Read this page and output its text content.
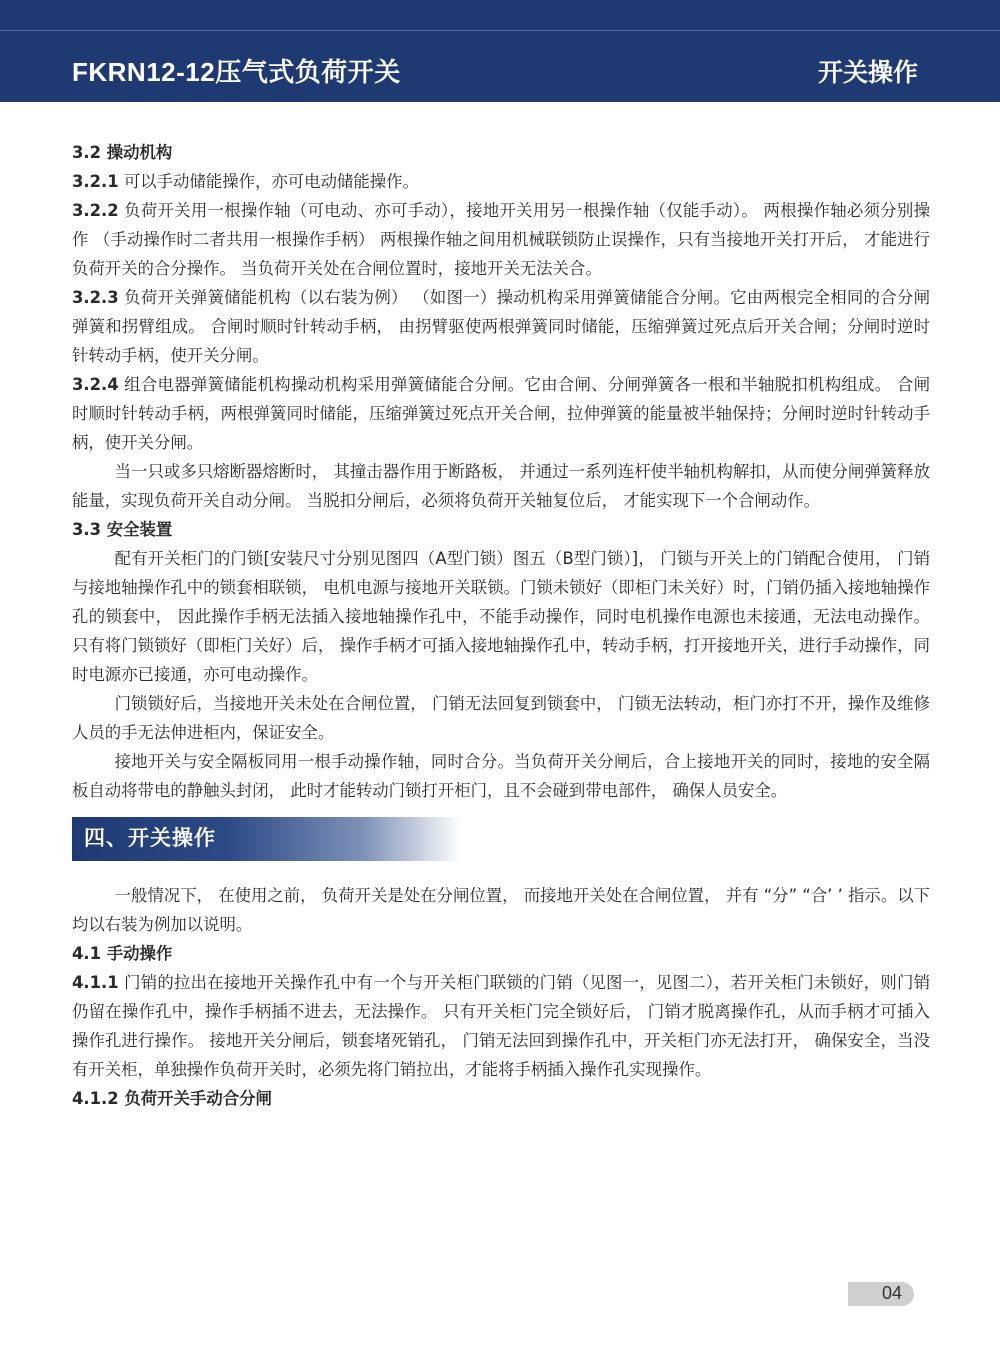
FKRN12-12压气式负荷开关	开关操作

3.2 操动机构

3.2.1 可以手动储能操作，亦可电动储能操作。

3.2.2 负荷开关用一根操作轴（可电动、亦可手动），接地开关用另一根操作轴（仅能手动）。 两根操作轴必须分别操作 （手动操作时二者共用一根操作手柄） 两根操作轴之间用机械联锁防止误操作，只有当接地开关打开后， 才能进行负荷开关的合分操作。 当负荷开关处在合闸位置时，接地开关无法关合。

3.2.3 负荷开关弹簧储能机构（以右装为例） （如图一）操动机构采用弹簧储能合分闸。它由两根完全相同的合分闸弹簧和拐臂组成。 合闸时顺时针转动手柄， 由拐臂驱使两根弹簧同时储能，压缩弹簧过死点后开关合闸；分闸时逆时针转动手柄，使开关分闸。

3.2.4 组合电器弹簧储能机构操动机构采用弹簧储能合分闸。它由合闸、分闸弹簧各一根和半轴脱扣机构组成。 合闸时顺时针转动手柄，两根弹簧同时储能，压缩弹簧过死点开关合闸，拉伸弹簧的能量被半轴保持；分闸时逆时针转动手柄，使开关分闸。

当一只或多只熔断器熔断时， 其撞击器作用于断路板， 并通过一系列连杆使半轴机构解扣，从而使分闸弹簧释放能量，实现负荷开关自动分闸。 当脱扣分闸后，必须将负荷开关轴复位后， 才能实现下一个合闸动作。

3.3 安全装置

配有开关柜门的门锁[安装尺寸分别见图四（A型门锁）图五（B型门锁）]， 门锁与开关上的门销配合使用， 门销与接地轴操作孔中的锁套相联锁， 电机电源与接地开关联锁。门锁未锁好（即柜门未关好）时，门销仍插入接地轴操作孔的锁套中， 因此操作手柄无法插入接地轴操作孔中，不能手动操作，同时电机操作电源也未接通，无法电动操作。 只有将门锁锁好（即柜门关好）后， 操作手柄才可插入接地轴操作孔中，转动手柄，打开接地开关，进行手动操作，同时电源亦已接通，亦可电动操作。

门锁锁好后，当接地开关未处在合闸位置， 门销无法回复到锁套中， 门锁无法转动，柜门亦打不开，操作及维修人员的手无法伸进柜内，保证安全。

接地开关与安全隔板同用一根手动操作轴，同时合分。当负荷开关分闸后，合上接地开关的同时，接地的安全隔板自动将带电的静触头封闭， 此时才能转动门锁打开柜门，且不会碰到带电部件， 确保人员安全。

四、开关操作

一般情况下， 在使用之前， 负荷开关是处在分闸位置， 而接地开关处在合闸位置， 并有 “分” “合’ ’ 指示。以下均以右装为例加以说明。

4.1 手动操作

4.1.1 门销的拉出在接地开关操作孔中有一个与开关柜门联锁的门销（见图一，见图二），若开关柜门未锁好，则门销仍留在操作孔中，操作手柄插不进去，无法操作。 只有开关柜门完全锁好后， 门销才脱离操作孔，从而手柄才可插入操作孔进行操作。 接地开关分闸后，锁套堵死销孔， 门销无法回到操作孔中，开关柜门亦无法打开， 确保安全，当没有开关柜，单独操作负荷开关时，必须先将门销拉出，才能将手柄插入操作孔实现操作。

4.1.2 负荷开关手动合分闸

04
